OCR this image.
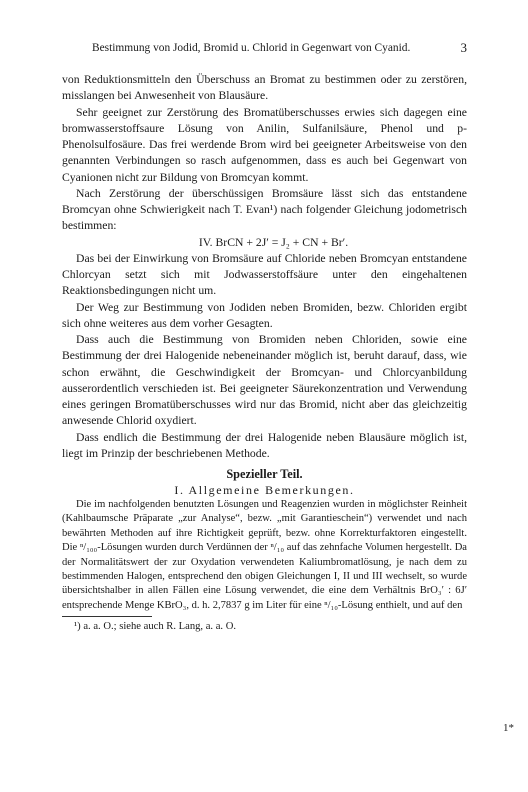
Bestimmung von Jodid, Bromid u. Chlorid in Gegenwart von Cyanid.	3

von Reduktionsmitteln den Überschuss an Bromat zu bestimmen oder zu zerstören, misslangen bei Anwesenheit von Blausäure.

Sehr geeignet zur Zerstörung des Bromatüberschusses erwies sich dagegen eine bromwasserstoffsaure Lösung von Anilin, Sulfanilsäure, Phenol und p-Phenolsulfosäure. Das frei werdende Brom wird bei geeigneter Arbeitsweise von den genannten Verbindungen so rasch aufgenommen, dass es auch bei Gegenwart von Cyanionen nicht zur Bildung von Bromcyan kommt.

Nach Zerstörung der überschüssigen Bromsäure lässt sich das entstandene Bromcyan ohne Schwierigkeit nach T. Evan¹) nach folgender Gleichung jodometrisch bestimmen:

IV. BrCN + 2J′ = J₂ + CN + Br′.

Das bei der Einwirkung von Bromsäure auf Chloride neben Bromcyan entstandene Chlorcyan setzt sich mit Jodwasserstoffsäure unter den eingehaltenen Reaktionsbedingungen nicht um.

Der Weg zur Bestimmung von Jodiden neben Bromiden, bezw. Chloriden ergibt sich ohne weiteres aus dem vorher Gesagten.

Dass auch die Bestimmung von Bromiden neben Chloriden, sowie eine Bestimmung der drei Halogenide nebeneinander möglich ist, beruht darauf, dass, wie schon erwähnt, die Geschwindigkeit der Bromcyan- und Chlorcyanbildung ausserordentlich verschieden ist. Bei geeigneter Säurekonzentration und Verwendung eines geringen Bromatüberschusses wird nur das Bromid, nicht aber das gleichzeitig anwesende Chlorid oxydiert.

Dass endlich die Bestimmung der drei Halogenide neben Blausäure möglich ist, liegt im Prinzip der beschriebenen Methode.

Spezieller Teil.

I. Allgemeine Bemerkungen.

Die im nachfolgenden benutzten Lösungen und Reagenzien wurden in möglichster Reinheit (Kahlbaumsche Präparate „zur Analyse“, bezw. „mit Garantieschein“) verwendet und nach bewährten Methoden auf ihre Richtigkeit geprüft, bezw. ohne Korrekturfaktoren eingestellt. Die ⁿ/₁₀₀-Lösungen wurden durch Verdünnen der ⁿ/₁₀ auf das zehnfache Volumen hergestellt. Da der Normalitätswert der zur Oxydation verwendeten Kaliumbromatlösung, je nach dem zu bestimmenden Halogen, entsprechend den obigen Gleichungen I, II und III wechselt, so wurde übersichtshalber in allen Fällen eine Lösung verwendet, die eine dem Verhältnis BrO₃′ : 6J′ entsprechende Menge KBrO₃, d. h. 2,7837 g im Liter für eine ⁿ/₁₀-Lösung enthielt, und auf den

¹) a. a. O.; siehe auch R. Lang, a. a. O.

1*
